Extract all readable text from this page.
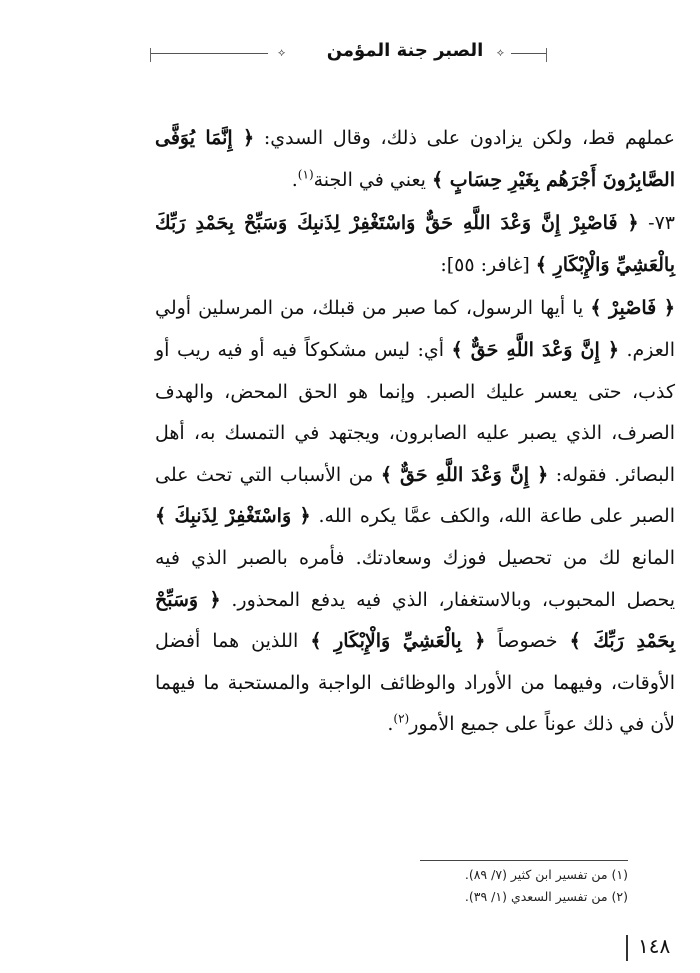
⟡	الصبر جنة المؤمن	⟡

عملهم قط، ولكن يزادون على ذلك، وقال السدي: ﴿ إِنَّمَا يُوَفَّى الصَّابِرُونَ أَجْرَهُم بِغَيْرِ حِسَابٍ ﴾ يعني في الجنة$^{(١)}$.

٧٣- ﴿ فَاصْبِرْ إِنَّ وَعْدَ اللَّهِ حَقٌّ وَاسْتَغْفِرْ لِذَنبِكَ وَسَبِّحْ بِحَمْدِ رَبِّكَ بِالْعَشِيِّ وَالْإِبْكَارِ ﴾ [غافر: ٥٥]:

﴿ فَاصْبِرْ ﴾ يا أيها الرسول، كما صبر من قبلك، من المرسلين أولي العزم. ﴿ إِنَّ وَعْدَ اللَّهِ حَقٌّ ﴾ أي: ليس مشكوكاً فيه أو فيه ريب أو كذب، حتى يعسر عليك الصبر. وإنما هو الحق المحض، والهدف الصرف، الذي يصبر عليه الصابرون، ويجتهد في التمسك به، أهل البصائر. فقوله: ﴿ إِنَّ وَعْدَ اللَّهِ حَقٌّ ﴾ من الأسباب التي تحث على الصبر على طاعة الله، والكف عمَّا يكره الله. ﴿ وَاسْتَغْفِرْ لِذَنبِكَ ﴾ المانع لك من تحصيل فوزك وسعادتك. فأمره بالصبر الذي فيه يحصل المحبوب، وبالاستغفار، الذي فيه يدفع المحذور. ﴿ وَسَبِّحْ بِحَمْدِ رَبِّكَ ﴾ خصوصاً ﴿ بِالْعَشِيِّ وَالْإِبْكَارِ ﴾ اللذين هما أفضل الأوقات، وفيهما من الأوراد والوظائف الواجبة والمستحبة ما فيهما لأن في ذلك عوناً على جميع الأمور$^{(٢)}$.

(١) من تفسير ابن كثير (٧/ ٨٩).
(٢) من تفسير السعدي (١/ ٣٩).
١٤٨
